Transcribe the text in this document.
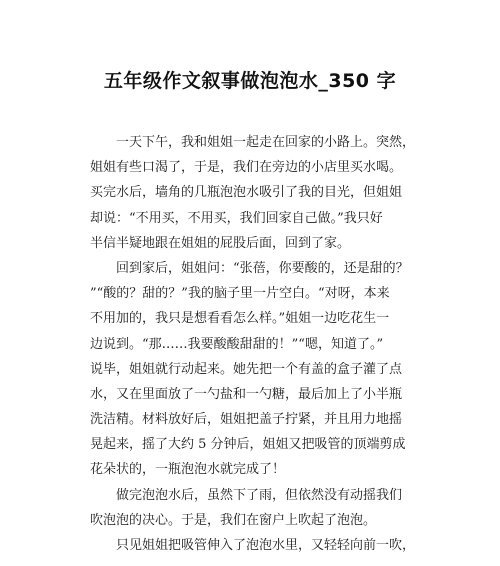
五年级作文叙事做泡泡水_350 字
一天下午，我和姐姐一起走在回家的小路上。突然，
姐姐有些口渴了，于是，我们在旁边的小店里买水喝。
买完水后，墙角的几瓶泡泡水吸引了我的目光，但姐姐
却说：“不用买，不用买，我们回家自己做。”我只好
半信半疑地跟在姐姐的屁股后面，回到了家。
回到家后，姐姐问：“张蓓，你要酸的，还是甜的？
”“酸的？甜的？”我的脑子里一片空白。“对呀，本来
不用加的，我只是想看看怎么样。”姐姐一边吃花生一
边说到。“那……我要酸酸甜甜的！”“嗯，知道了。”
说毕，姐姐就行动起来。她先把一个有盖的盒子灌了点
水，又在里面放了一勺盐和一勺糖，最后加上了小半瓶
洗洁精。材料放好后，姐姐把盖子拧紧，并且用力地摇
晃起来，摇了大约 5 分钟后，姐姐又把吸管的顶端剪成
花朵状的，一瓶泡泡水就完成了！
做完泡泡水后，虽然下了雨，但依然没有动摇我们
吹泡泡的决心。于是，我们在窗户上吹起了泡泡。
只见姐姐把吸管伸入了泡泡水里，又轻轻向前一吹，
